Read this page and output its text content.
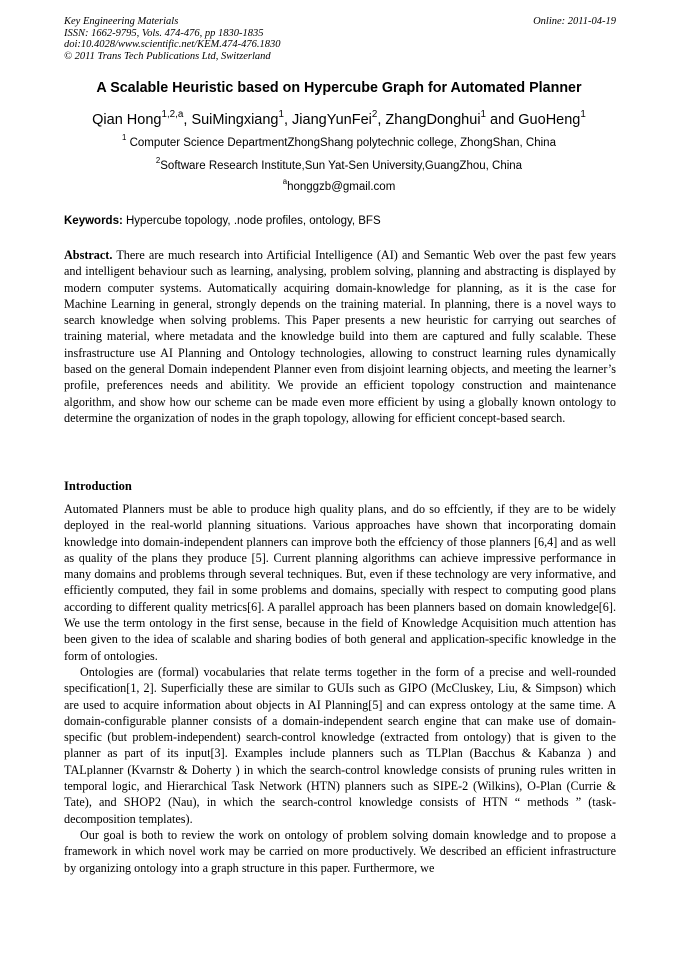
Key Engineering Materials
ISSN: 1662-9795, Vols. 474-476, pp 1830-1835
doi:10.4028/www.scientific.net/KEM.474-476.1830
© 2011 Trans Tech Publications Ltd, Switzerland
Online: 2011-04-19
A Scalable Heuristic based on Hypercube Graph for Automated Planner
Qian Hong$^{1,2,a}$, SuiMingxiang$^1$, JiangYunFei$^2$, ZhangDonghui$^1$ and GuoHeng$^1$
$^1$ Computer Science DepartmentZhongShang polytechnic college, ZhongShan, China
$^2$Software Research Institute,Sun Yat-Sen University,GuangZhou, China
$^a$honggzb@gmail.com
Keywords: Hypercube topology, .node profiles, ontology, BFS

Abstract. There are much research into Artificial Intelligence (AI) and Semantic Web over the past few years and intelligent behaviour such as learning, analysing, problem solving, planning and abstracting is displayed by modern computer systems. Automatically acquiring domain-knowledge for planning, as it is the case for Machine Learning in general, strongly depends on the training material. In planning, there is a novel ways to search knowledge when solving problems. This Paper presents a new heuristic for carrying out searches of training material, where metadata and the knowledge build into them are captured and fully scalable. These insfrastructure use AI Planning and Ontology technologies, allowing to construct learning rules dynamically based on the general Domain independent Planner even from disjoint learning objects, and meeting the learner’s profile, preferences needs and abilitity. We provide an efficient topology construction and maintenance algorithm, and show how our scheme can be made even more efficient by using a globally known ontology to determine the organization of nodes in the graph topology, allowing for efficient concept-based search.

Introduction

Automated Planners must be able to produce high quality plans, and do so effciently, if they are to be widely deployed in the real-world planning situations. Various approaches have shown that incorporating domain knowledge into domain-independent planners can improve both the effciency of those planners [6,4] and as well as quality of the plans they produce [5]. Current planning algorithms can achieve impressive performance in many domains and problems through several techniques. But, even if these technology are very informative, and efficiently computed, they fail in some problems and domains, specially with respect to computing good plans according to different quality metrics[6]. A parallel approach has been planners based on domain knowledge[6]. We use the term ontology in the first sense, because in the field of Knowledge Acquisition much attention has been given to the idea of scalable and sharing bodies of both general and application-specific knowledge in the form of ontologies.

Ontologies are (formal) vocabularies that relate terms together in the form of a precise and well-rounded specification[1, 2]. Superficially these are similar to GUIs such as GIPO (McCluskey, Liu, & Simpson) which are used to acquire information about objects in AI Planning[5] and can express ontology at the same time. A domain-configurable planner consists of a domain-independent search engine that can make use of domain-specific (but problem-independent) search-control knowledge (extracted from ontology) that is given to the planner as part of its input[3]. Examples include planners such as TLPlan (Bacchus & Kabanza ) and TALplanner (Kvarnstr & Doherty ) in which the search-control knowledge consists of pruning rules written in temporal logic, and Hierarchical Task Network (HTN) planners such as SIPE-2 (Wilkins), O-Plan (Currie & Tate), and SHOP2 (Nau), in which the search-control knowledge consists of HTN “ methods ” (task-decomposition templates).

Our goal is both to review the work on ontology of problem solving domain knowledge and to propose a framework in which novel work may be carried on more productively. We described an efficient infrastructure by organizing ontology into a graph structure in this paper. Furthermore, we
